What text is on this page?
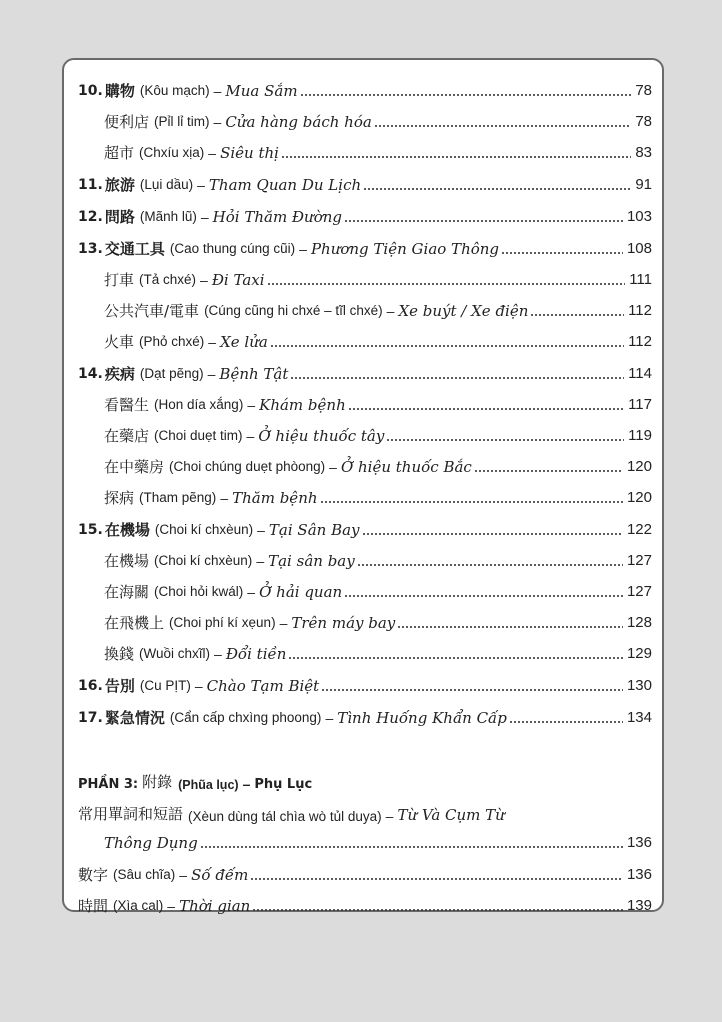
10. 購物 (Kôu mạch) – Mua Sắm	78
便利店 (Pỉl lỉ tim) – Cửa hàng bách hóa	78
超市 (Chxíu xịa) – Siêu thị	83
11. 旅游 (Lụi dầu) – Tham Quan Du Lịch	91
12. 問路 (Mãnh lũ) – Hỏi Thăm Đường	103
13. 交通工具 (Cao thung cúng cũi) – Phương Tiện Giao Thông	108
打車 (Tả chxé) – Đi Taxi	111
公共汽車/電車 (Cúng cũng hi chxé – tĩl chxé) – Xe buýt / Xe điện	112
火車 (Phỏ chxé) – Xe lửa	112
14. 疾病 (Dạt pẽng) – Bệnh Tật	114
看醫生 (Hon día xắng) – Khám bệnh	117
在藥店 (Choi duẹt tim) – Ở hiệu thuốc tây	119
在中藥房 (Choi chúng duẹt phòong) – Ở hiệu thuốc Bắc	120
探病 (Tham pẽng) – Thăm bệnh	120
15. 在機場 (Choi kí chxèun) – Tại Sân Bay	122
在機場 (Choi kí chxèun) – Tại sân bay	127
在海關 (Choi hỏi kwál) – Ở hải quan	127
在飛機上 (Choi phí kí xẹun) – Trên máy bay	128
換錢 (Wuồi chxĩl) – Đổi tiền	129
16. 告別 (Cu PỊT) – Chào Tạm Biệt	130
17. 緊急情況 (Cẩn cấp chxìng phoong) – Tình Huống Khẩn Cấp	134
PHẦN 3: 附錄 (Phũa lục) – Phụ Lục
常用單詞和短語 (Xèun dùng tál chìa wò tủl duya) – Từ Và Cụm Từ
Thông Dụng	136
數字 (Sâu chĩa) – Số đếm	136
時間 (Xìa cal) – Thời gian	139
